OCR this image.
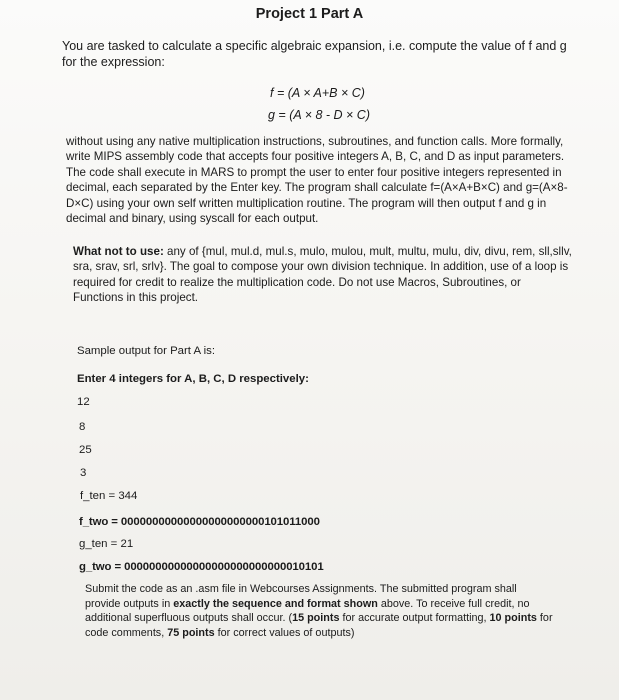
Project 1 Part A
You are tasked to calculate a specific algebraic expansion, i.e. compute the value of f and g for the expression:
f = (A × A+B × C)
g = (A × 8 - D × C)
without using any native multiplication instructions, subroutines, and function calls. More formally, write MIPS assembly code that accepts four positive integers A, B, C, and D as input parameters. The code shall execute in MARS to prompt the user to enter four positive integers represented in decimal, each separated by the Enter key. The program shall calculate f=(A×A+B×C) and g=(A×8-D×C) using your own self written multiplication routine. The program will then output f and g in decimal and binary, using syscall for each output.
What not to use: any of {mul, mul.d, mul.s, mulo, mulou, mult, multu, mulu, div, divu, rem, sll,sllv, sra, srav, srl, srlv}. The goal to compose your own division technique. In addition, use of a loop is required for credit to realize the multiplication code. Do not use Macros, Subroutines, or Functions in this project.
Sample output for Part A is:
Enter 4 integers for A, B, C, D respectively:
12
8
25
3
f_ten = 344
f_two = 00000000000000000000000101011000
g_ten = 21
g_two = 00000000000000000000000000010101
Submit the code as an .asm file in Webcourses Assignments. The submitted program shall provide outputs in exactly the sequence and format shown above. To receive full credit, no additional superfluous outputs shall occur. (15 points for accurate output formatting, 10 points for code comments, 75 points for correct values of outputs)
